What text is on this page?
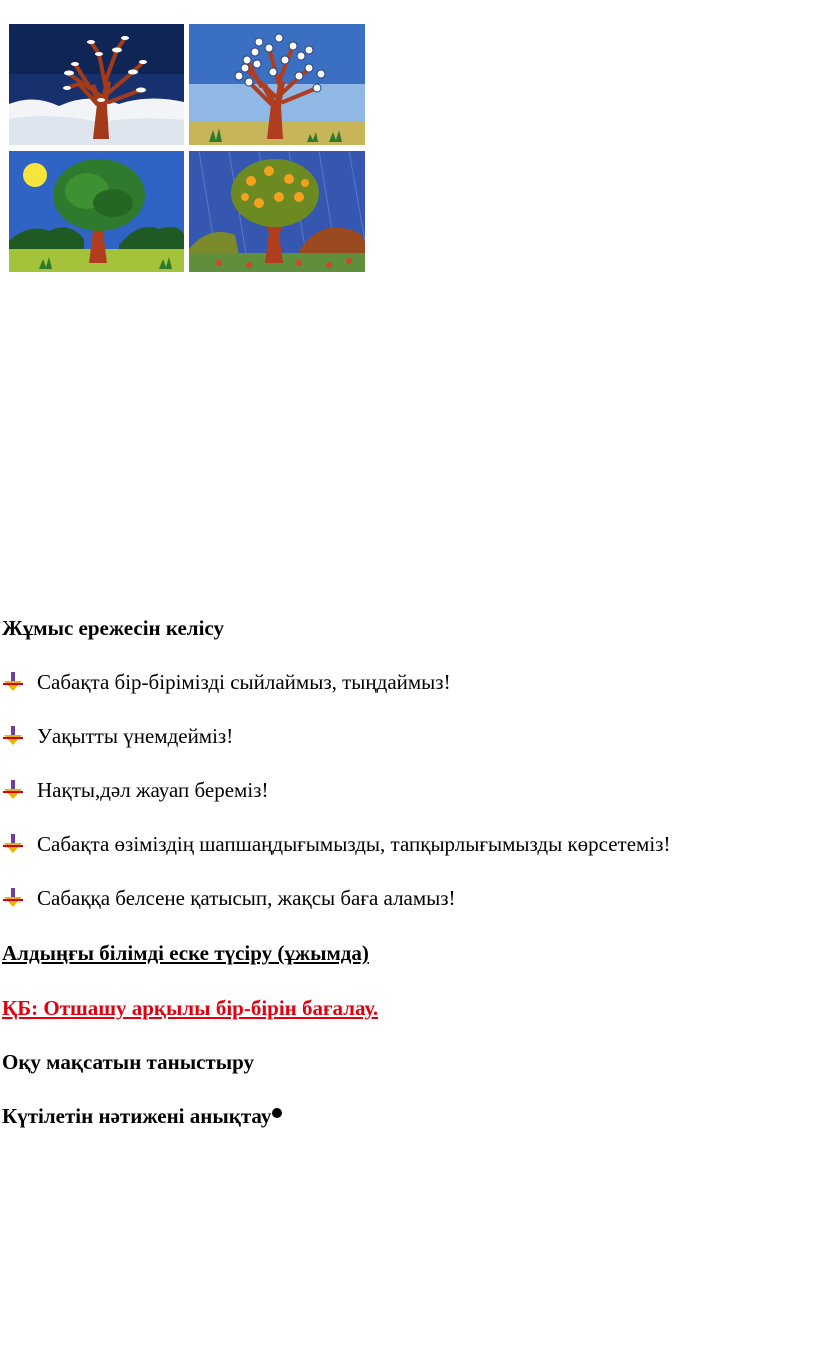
Жұмыс ережесін келісу
Сабақта бір-бірімізді сыйлаймыз, тыңдаймыз!
Уақытты үнемдейміз!
Нақты,дәл жауап береміз!
Сабақта өзіміздің шапшаңдығымызды, тапқырлығымызды көрсетеміз!
Сабаққа белсене қатысып, жақсы баға аламыз!
Алдыңғы білімді еске түсіру (ұжымда)
ҚБ: Отшашу арқылы бір-бірін бағалау.
Оқу мақсатын таныстыру
Күтілетін нәтижені анықтау
